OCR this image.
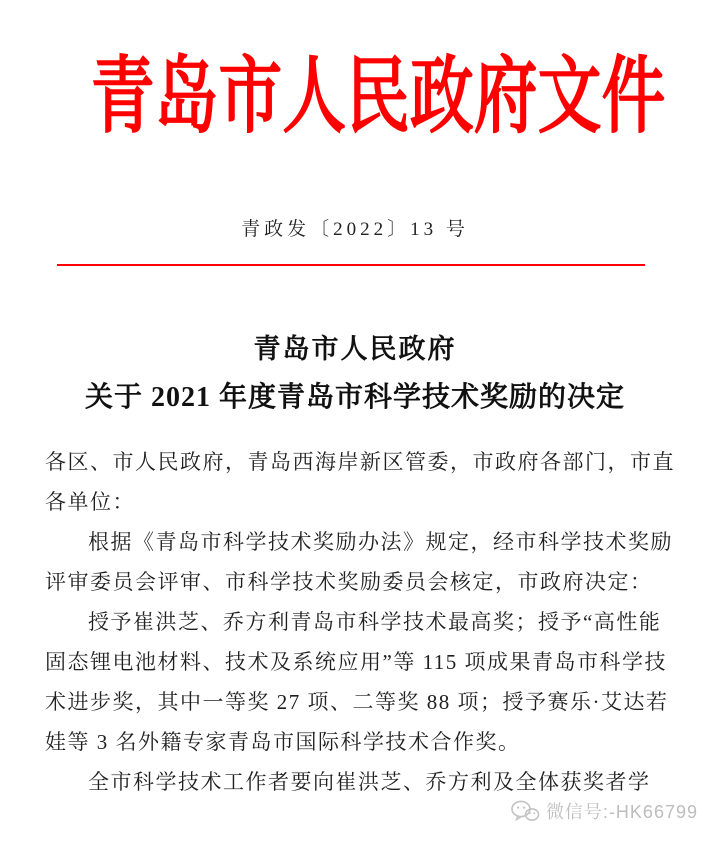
青岛市人民政府文件
青政发〔2022〕13 号
青岛市人民政府
关于 2021 年度青岛市科学技术奖励的决定
各区、市人民政府，青岛西海岸新区管委，市政府各部门，市直
各单位：
根据《青岛市科学技术奖励办法》规定，经市科学技术奖励
评审委员会评审、市科学技术奖励委员会核定，市政府决定：
授予崔洪芝、乔方利青岛市科学技术最高奖；授予“高性能
固态锂电池材料、技术及系统应用”等 115 项成果青岛市科学技
术进步奖，其中一等奖 27 项、二等奖 88 项；授予赛乐·艾达若
娃等 3 名外籍专家青岛市国际科学技术合作奖。
全市科学技术工作者要向崔洪芝、乔方利及全体获奖者学
微信号:-HK66799
